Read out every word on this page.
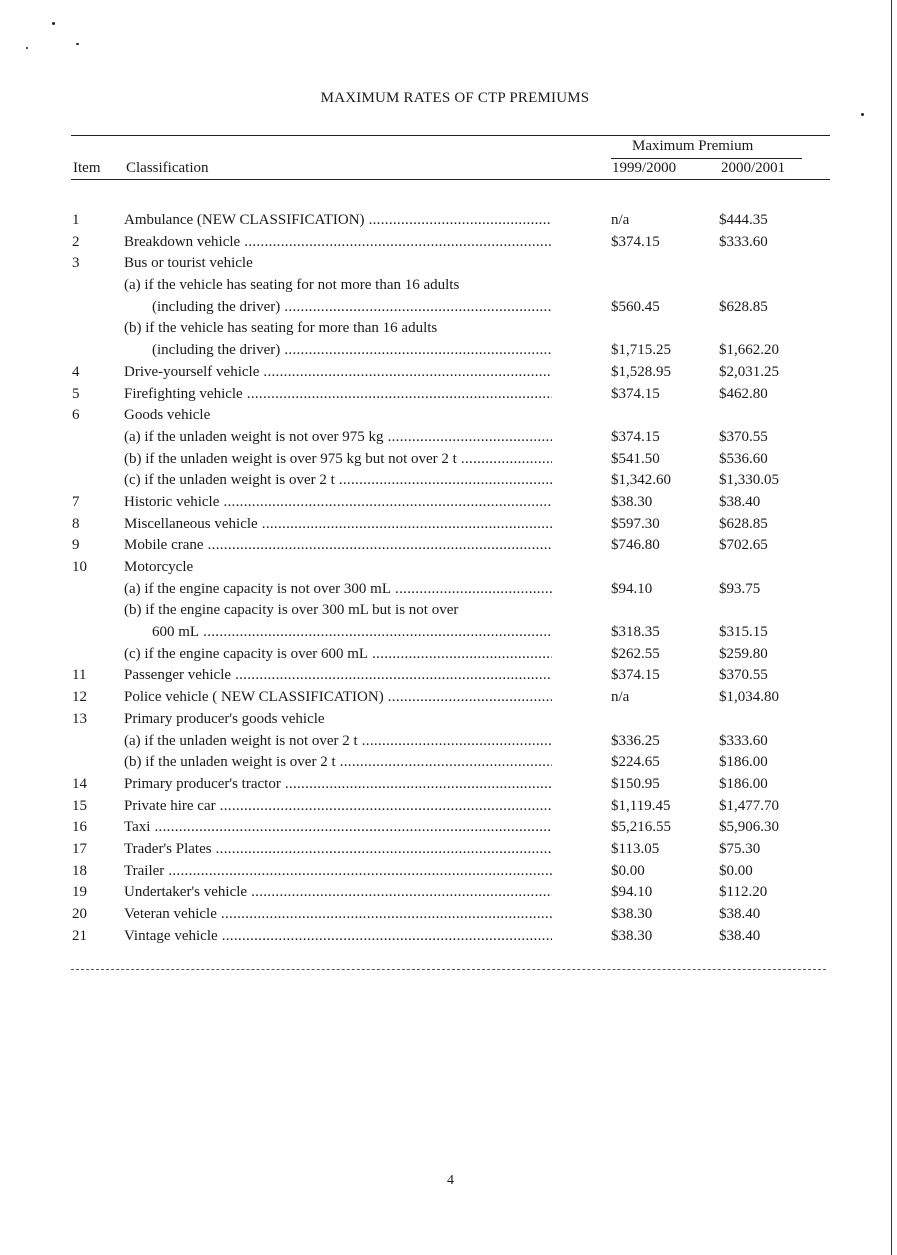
MAXIMUM RATES OF CTP PREMIUMS
Maximum Premium
Item Classification	1999/2000	2000/2001
1	Ambulance (NEW CLASSIFICATION) .....	n/a	$444.35
2	Breakdown vehicle .....	$374.15	$333.60
3	Bus or tourist vehicle
(a) if the vehicle has seating for not more than 16 adults
(including the driver) .....	$560.45	$628.85
(b) if the vehicle has seating for more than 16 adults
(including the driver) .....	$1,715.25	$1,662.20
4	Drive-yourself vehicle .....	$1,528.95	$2,031.25
5	Firefighting vehicle .....	$374.15	$462.80
6	Goods vehicle
(a) if the unladen weight is not over 975 kg .....	$374.15	$370.55
(b) if the unladen weight is over 975 kg but not over 2 t .....	$541.50	$536.60
(c) if the unladen weight is over 2 t .....	$1,342.60	$1,330.05
7	Historic vehicle .....	$38.30	$38.40
8	Miscellaneous vehicle .....	$597.30	$628.85
9	Mobile crane .....	$746.80	$702.65
10 Motorcycle
(a) if the engine capacity is not over 300 mL .....	$94.10	$93.75
(b) if the engine capacity is over 300 mL but is not over
600 mL .....	$318.35	$315.15
(c) if the engine capacity is over 600 mL .....	$262.55	$259.80
11	Passenger vehicle .....	$374.15	$370.55
12 Police vehicle ( NEW CLASSIFICATION) .....	n/a	$1,034.80
13 Primary producer's goods vehicle
(a) if the unladen weight is not over 2 t .....	$336.25	$333.60
(b) if the unladen weight is over 2 t .....	$224.65	$186.00
14 Primary producer's tractor .....	$150.95	$186.00
15 Private hire car .....	$1,119.45	$1,477.70
16 Taxi .....	$5,216.55	$5,906.30
17 Trader's Plates .....	$113.05	$75.30
18 Trailer .....	$0.00	$0.00
19 Undertaker's vehicle .....	$94.10	$112.20
20 Veteran vehicle .....	$38.30	$38.40
21 Vintage vehicle .....	$38.30	$38.40
4
